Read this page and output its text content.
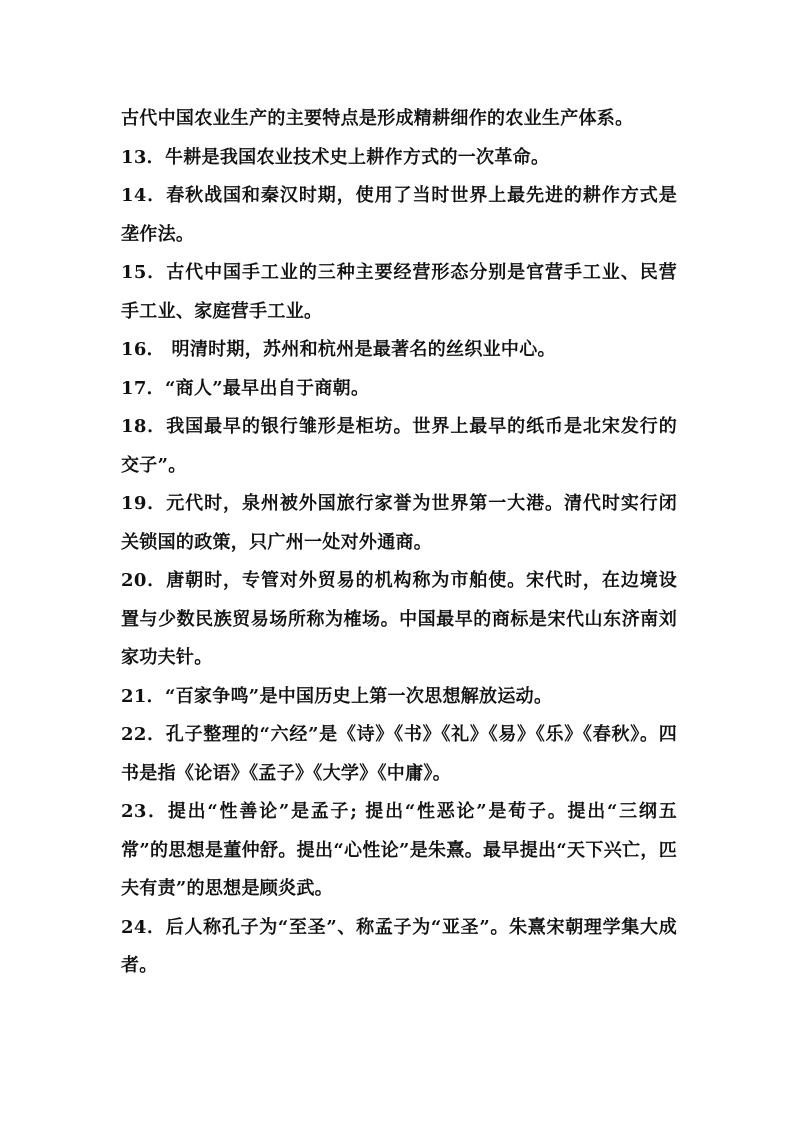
古代中国农业生产的主要特点是形成精耕细作的农业生产体系。

13．牛耕是我国农业技术史上耕作方式的一次革命。

14．春秋战国和秦汉时期，使用了当时世界上最先进的耕作方式是垄作法。

15．古代中国手工业的三种主要经营形态分别是官营手工业、民营手工业、家庭营手工业。

16． 明清时期，苏州和杭州是最著名的丝织业中心。

17．“商人”最早出自于商朝。

18．我国最早的银行雏形是柜坊。世界上最早的纸币是北宋发行的交子”。

19．元代时，泉州被外国旅行家誉为世界第一大港。清代时实行闭关锁国的政策，只广州一处对外通商。

20．唐朝时，专管对外贸易的机构称为市舶使。宋代时，在边境设置与少数民族贸易场所称为榷场。中国最早的商标是宋代山东济南刘家功夫针。

21．“百家争鸣”是中国历史上第一次思想解放运动。

22．孔子整理的“六经”是《诗》《书》《礼》《易》《乐》《春秋》。四书是指《论语》《孟子》《大学》《中庸》。

23．提出“性善论”是孟子; 提出“性恶论”是荀子。提出“三纲五常”的思想是董仲舒。提出“心性论”是朱熹。最早提出“天下兴亡，匹夫有责”的思想是顾炎武。

24．后人称孔子为“至圣”、称孟子为“亚圣”。朱熹宋朝理学集大成者。
